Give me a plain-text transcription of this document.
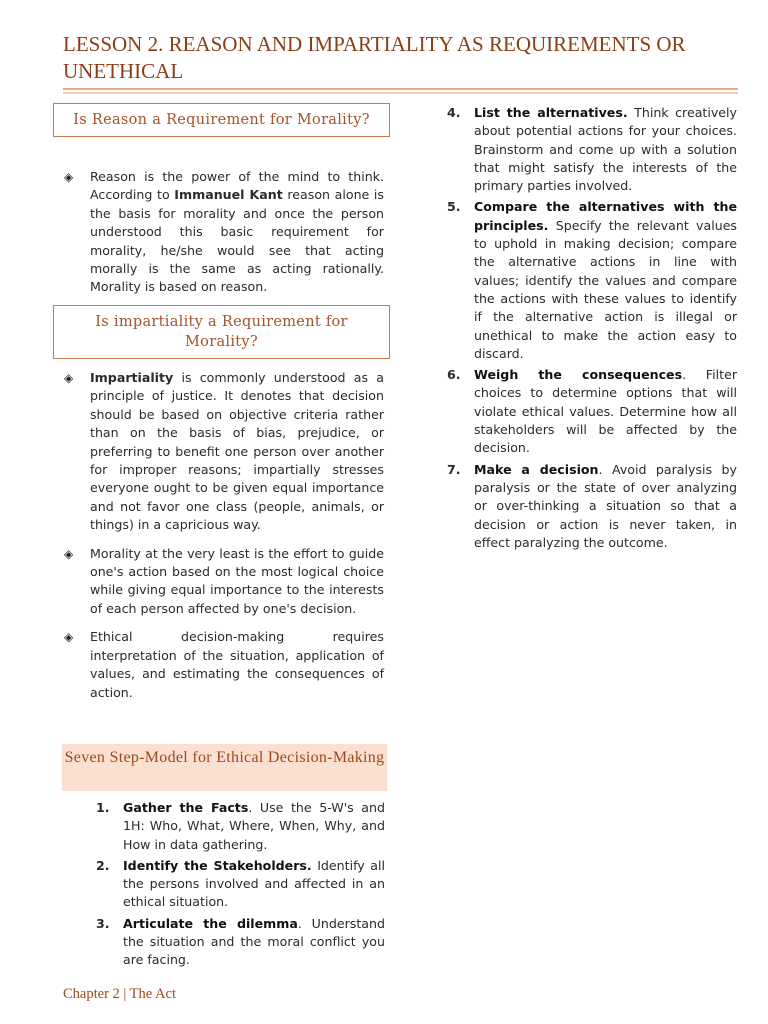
LESSON 2. REASON AND IMPARTIALITY AS REQUIREMENTS OR UNETHICAL
Is Reason a Requirement for Morality?
◈ Reason is the power of the mind to think. According to Immanuel Kant reason alone is the basis for morality and once the person understood this basic requirement for morality, he/she would see that acting morally is the same as acting rationally. Morality is based on reason.
Is impartiality a Requirement for Morality?
◈ Impartiality is commonly understood as a principle of justice. It denotes that decision should be based on objective criteria rather than on the basis of bias, prejudice, or preferring to benefit one person over another for improper reasons; impartially stresses everyone ought to be given equal importance and not favor one class (people, animals, or things) in a capricious way.
◈ Morality at the very least is the effort to guide one's action based on the most logical choice while giving equal importance to the interests of each person affected by one's decision.
◈ Ethical decision-making requires interpretation of the situation, application of values, and estimating the consequences of action.
Seven Step-Model for Ethical Decision-Making
1. Gather the Facts. Use the 5-W's and 1H: Who, What, Where, When, Why, and How in data gathering.
2. Identify the Stakeholders. Identify all the persons involved and affected in an ethical situation.
3. Articulate the dilemma. Understand the situation and the moral conflict you are facing.
4. List the alternatives. Think creatively about potential actions for your choices. Brainstorm and come up with a solution that might satisfy the interests of the primary parties involved.
5. Compare the alternatives with the principles. Specify the relevant values to uphold in making decision; compare the alternative actions in line with values; identify the values and compare the actions with these values to identify if the alternative action is illegal or unethical to make the action easy to discard.
6. Weigh the consequences. Filter choices to determine options that will violate ethical values. Determine how all stakeholders will be affected by the decision.
7. Make a decision. Avoid paralysis by paralysis or the state of over analyzing or over-thinking a situation so that a decision or action is never taken, in effect paralyzing the outcome.
Chapter 2 | The Act
